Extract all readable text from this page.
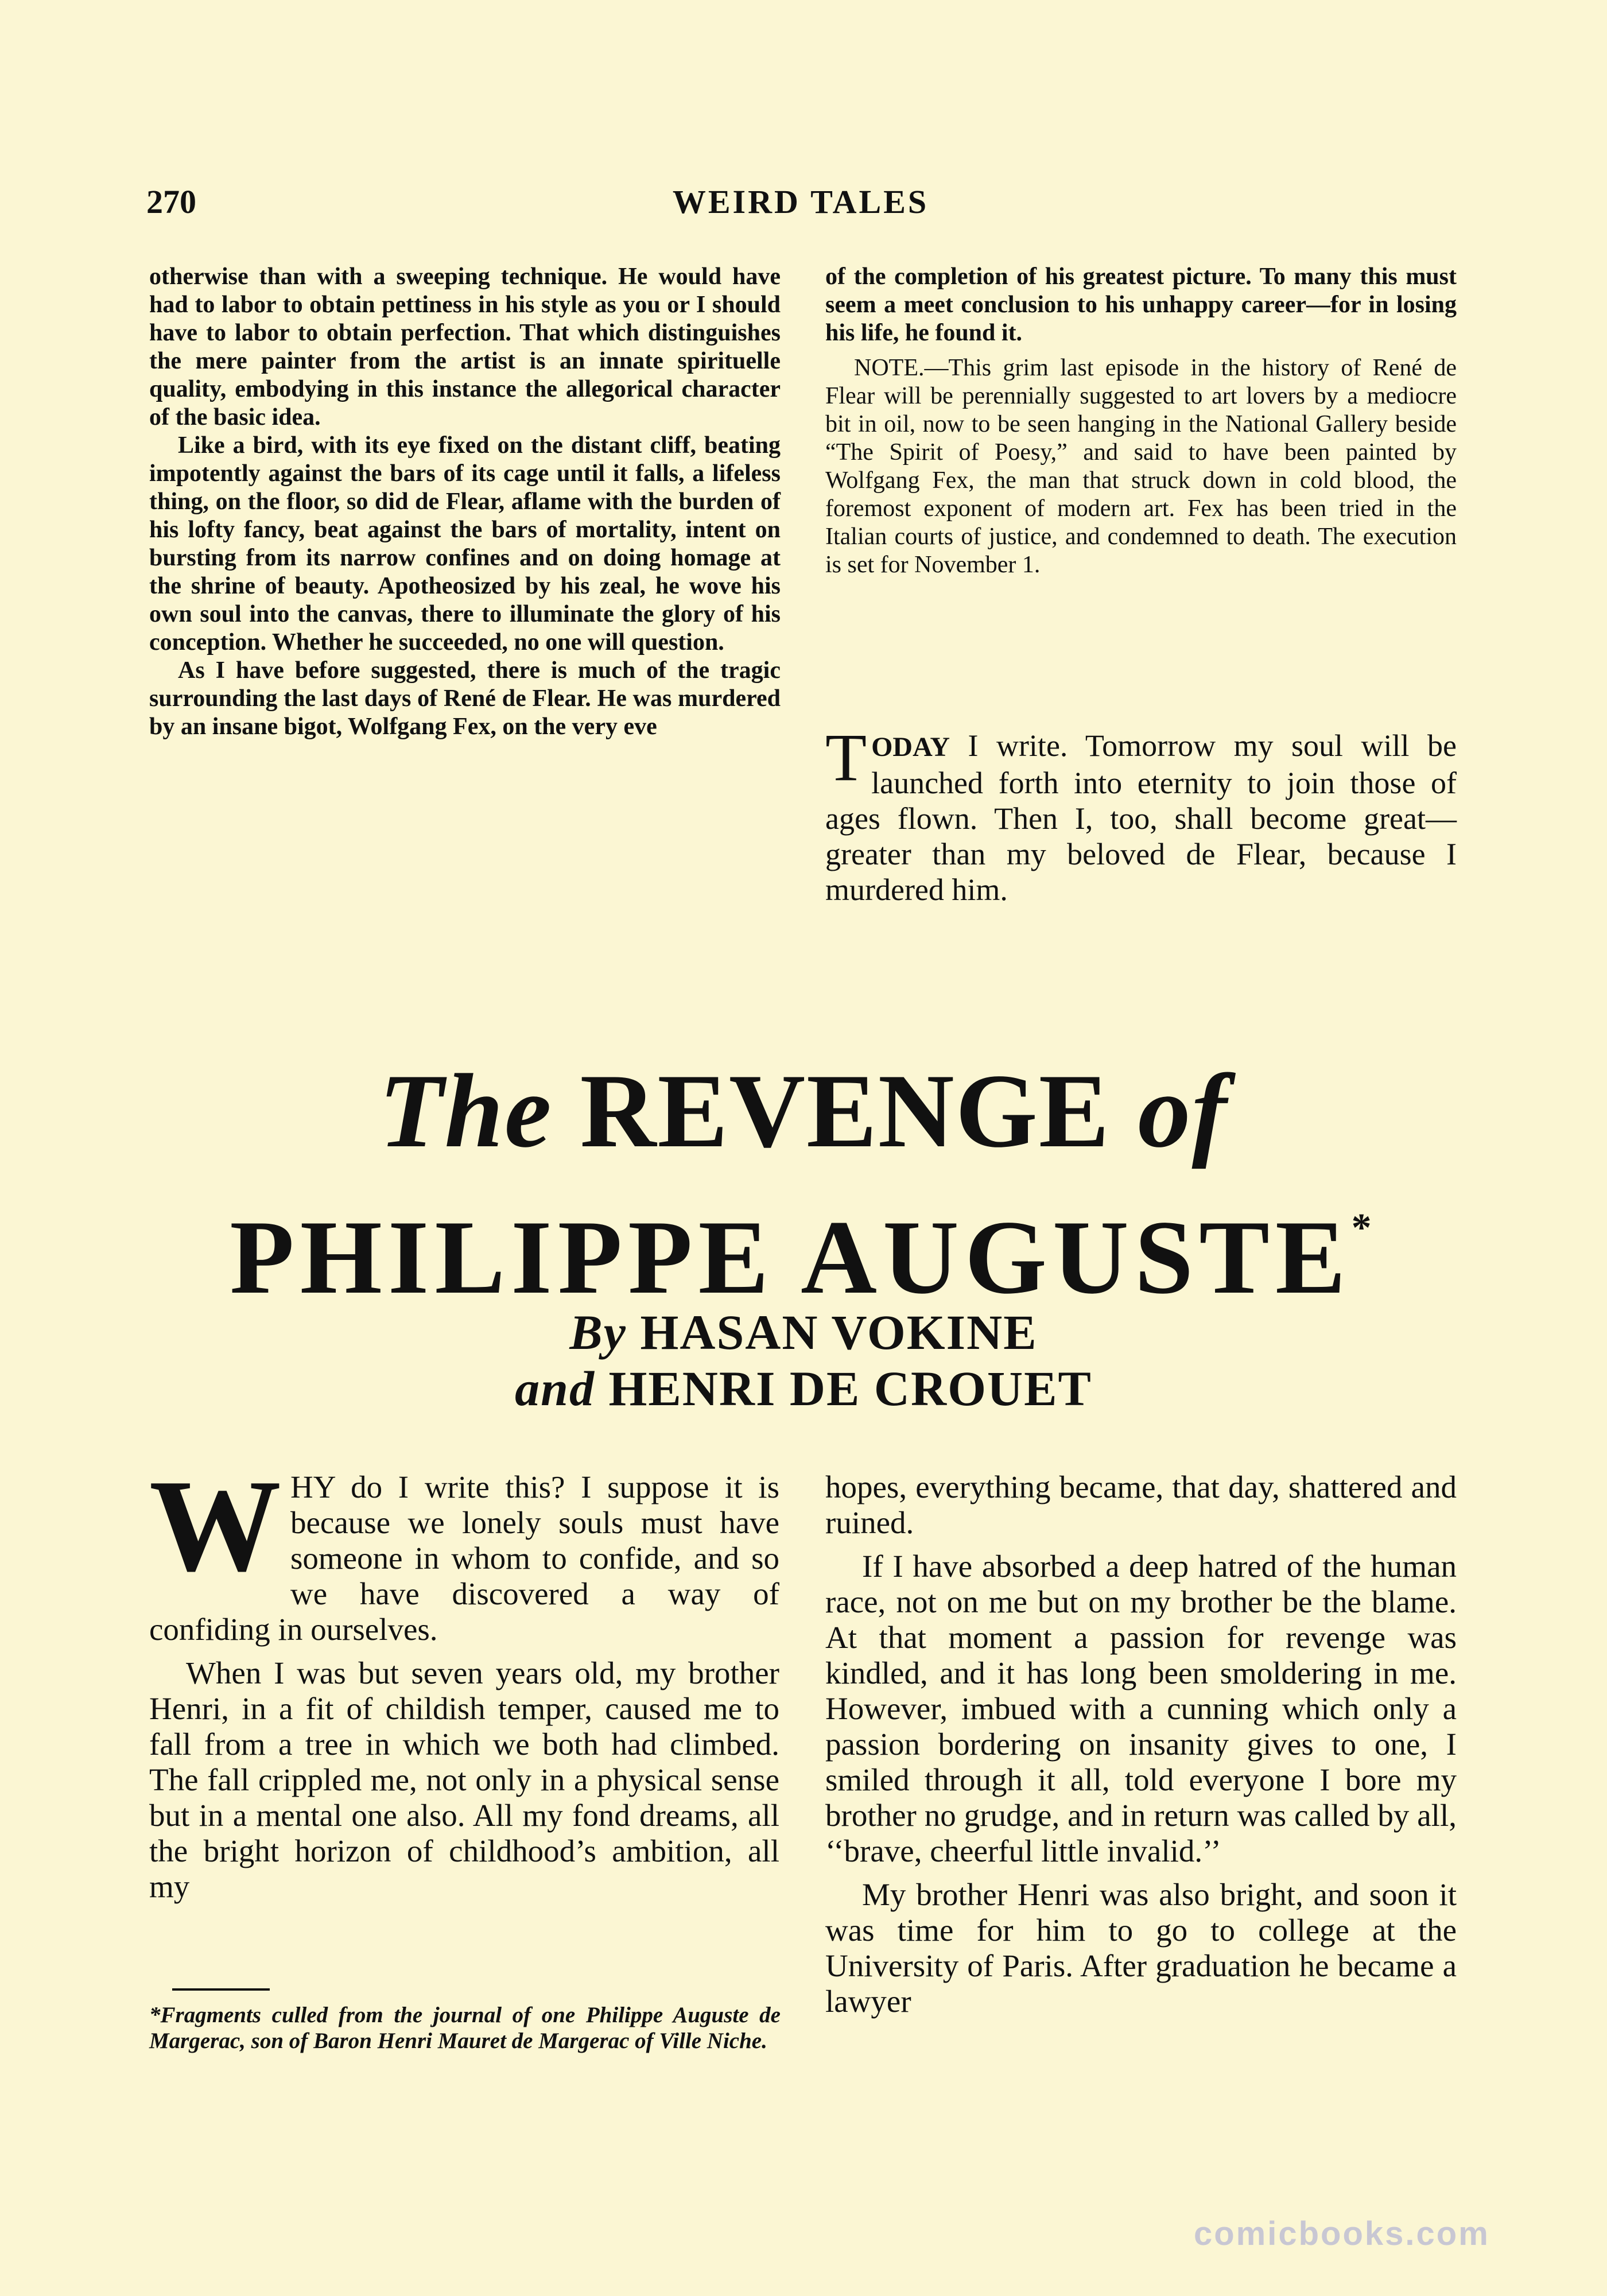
270	WEIRD TALES

otherwise than with a sweeping technique. He would have had to labor to obtain pettiness in his style as you or I should have to labor to obtain perfection. That which distinguishes the mere painter from the artist is an innate spirituelle quality, embodying in this instance the allegorical character of the basic idea.

Like a bird, with its eye fixed on the distant cliff, beating impotently against the bars of its cage until it falls, a lifeless thing, on the floor, so did de Flear, aflame with the burden of his lofty fancy, beat against the bars of mortality, intent on bursting from its narrow confines and on doing homage at the shrine of beauty. Apotheosized by his zeal, he wove his own soul into the canvas, there to illuminate the glory of his conception. Whether he succeeded, no one will question.

As I have before suggested, there is much of the tragic surrounding the last days of René de Flear. He was murdered by an insane bigot, Wolfgang Fex, on the very eve

of the completion of his greatest picture. To many this must seem a meet conclusion to his unhappy career—for in losing his life, he found it.

NOTE.—This grim last episode in the history of René de Flear will be perennially suggested to art lovers by a mediocre bit in oil, now to be seen hanging in the National Gallery beside “The Spirit of Poesy,” and said to have been painted by Wolfgang Fex, the man that struck down in cold blood, the foremost exponent of modern art. Fex has been tried in the Italian courts of justice, and condemned to death. The execution is set for November 1.

TODAY I write. Tomorrow my soul will be launched forth into eternity to join those of ages flown. Then I, too, shall become great—greater than my beloved de Flear, because I murdered him.
The REVENGE of
PHILIPPE AUGUSTE*
By HASAN VOKINE
and HENRI DE CROUET

WHY do I write this? I suppose it is because we lonely souls must have someone in whom to confide, and so we have discovered a way of confiding in ourselves.

When I was but seven years old, my brother Henri, in a fit of childish temper, caused me to fall from a tree in which we both had climbed. The fall crippled me, not only in a physical sense but in a mental one also. All my fond dreams, all the bright horizon of childhood’s ambition, all my

hopes, everything became, that day, shattered and ruined.

If I have absorbed a deep hatred of the human race, not on me but on my brother be the blame. At that moment a passion for revenge was kindled, and it has long been smoldering in me. However, imbued with a cunning which only a passion bordering on insanity gives to one, I smiled through it all, told everyone I bore my brother no grudge, and in return was called by all, ‘‘brave, cheerful little invalid.’’

My brother Henri was also bright, and soon it was time for him to go to college at the University of Paris. After graduation he became a lawyer

*Fragments culled from the journal of one Philippe Auguste de Margerac, son of Baron Henri Mauret de Margerac of Ville Niche.
comicbooks.com
